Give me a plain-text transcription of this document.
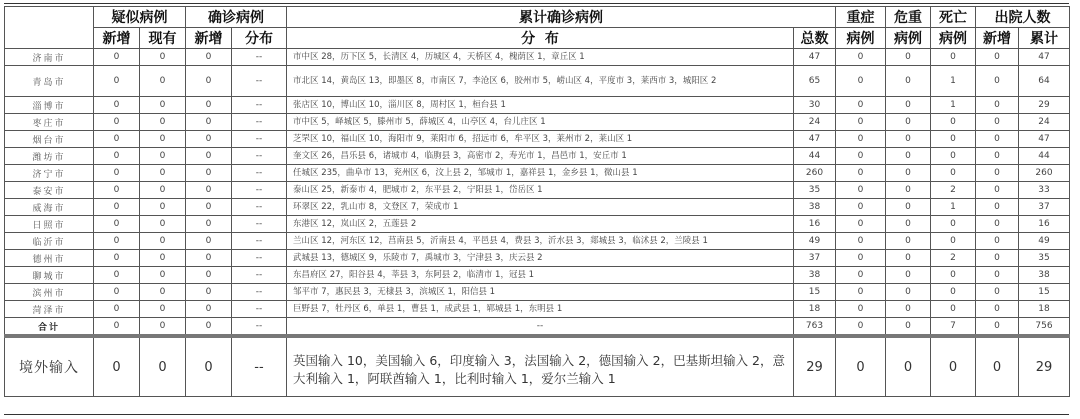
	疑似病例		确诊病例		累计确诊病例		重症	危重	死亡	出院人数	
	新增	现有	新增	分布	分  布	总数	病例	病例	病例	新增	累计
济南市	0	0	0	--	市中区 28，历下区 5，长清区 4，历城区 4，天桥区 4，槐荫区 1，章丘区 1	47	0	0	0	0	47
青岛市	0	0	0	--	市北区 14，黄岛区 13，即墨区 8，市南区 7，李沧区 6，胶州市 5，崂山区 4，平度市 3，莱西市 3，城阳区 2	65	0	0	1	0	64
淄博市	0	0	0	--	张店区 10，博山区 10，淄川区 8，周村区 1，桓台县 1	30	0	0	1	0	29
枣庄市	0	0	0	--	市中区 5，峄城区 5，滕州市 5，薛城区 4，山亭区 4，台儿庄区 1	24	0	0	0	0	24
烟台市	0	0	0	--	芝罘区 10，福山区 10，海阳市 9，莱阳市 6，招远市 6，牟平区 3，莱州市 2，莱山区 1	47	0	0	0	0	47
潍坊市	0	0	0	--	奎文区 26，昌乐县 6，诸城市 4，临朐县 3，高密市 2，寿光市 1，昌邑市 1，安丘市 1	44	0	0	0	0	44
济宁市	0	0	0	--	任城区 235，曲阜市 13，兖州区 6，汶上县 2，邹城市 1，嘉祥县 1，金乡县 1，微山县 1	260	0	0	0	0	260
泰安市	0	0	0	--	泰山区 25，新泰市 4，肥城市 2，东平县 2，宁阳县 1，岱岳区 1	35	0	0	2	0	33
威海市	0	0	0	--	环翠区 22，乳山市 8，文登区 7，荣成市 1	38	0	0	1	0	37
日照市	0	0	0	--	东港区 12，岚山区 2，五莲县 2	16	0	0	0	0	16
临沂市	0	0	0	--	兰山区 12，河东区 12，莒南县 5，沂南县 4，平邑县 4，费县 3，沂水县 3，郯城县 3，临沭县 2，兰陵县 1	49	0	0	0	0	49
德州市	0	0	0	--	武城县 13，德城区 9，乐陵市 7，禹城市 3，宁津县 3，庆云县 2	37	0	0	2	0	35
聊城市	0	0	0	--	东昌府区 27，阳谷县 4，莘县 3，东阿县 2，临清市 1，冠县 1	38	0	0	0	0	38
滨州市	0	0	0	--	邹平市 7，惠民县 3，无棣县 3，滨城区 1，阳信县 1	15	0	0	0	0	15
菏泽市	0	0	0	--	巨野县 7，牡丹区 6，单县 1，曹县 1，成武县 1，郓城县 1，东明县 1	18	0	0	0	0	18
合计	0	0	0	--	--	763	0	0	7	0	756
境外输入	0	0	0	--	英国输入 10，美国输入 6，印度输入 3，法国输入 2，德国输入 2，巴基斯坦输入 2，意大利输入 1，阿联酋输入 1，比利时输入 1，爱尔兰输入 1	29	0	0	0	0	29
